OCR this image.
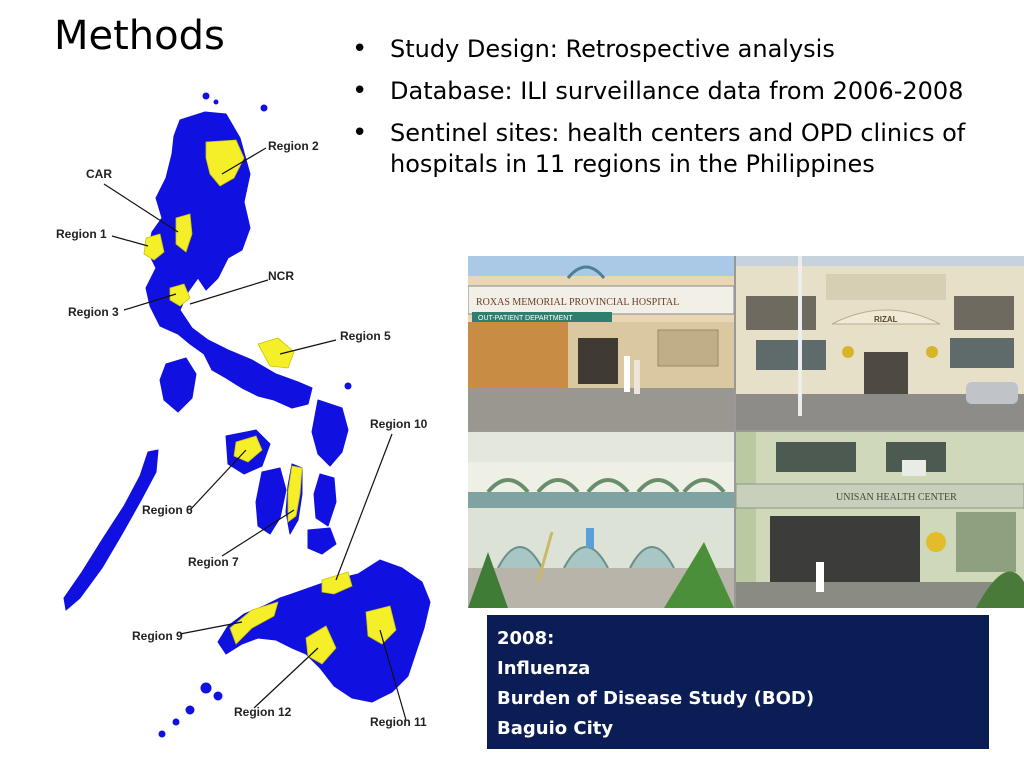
Methods
•	Study Design: Retrospective analysis
• Database: ILI surveillance data from 2006-2008
• Sentinel sites: health centers and OPD clinics of hospitals in 11 regions in the Philippines
Region 2
CAR
Region 1
NCR
Region 3
Region 5
Region 10
Region 6
Region 7
Region 9
Region 12
Region 11
ROXAS MEMORIAL PROVINCIAL HOSPITAL
OUT-PATIENT DEPARTMENT	RIZAL
UNISAN HEALTH CENTER
2008:
Influenza
Burden of Disease Study (BOD)
Baguio City
